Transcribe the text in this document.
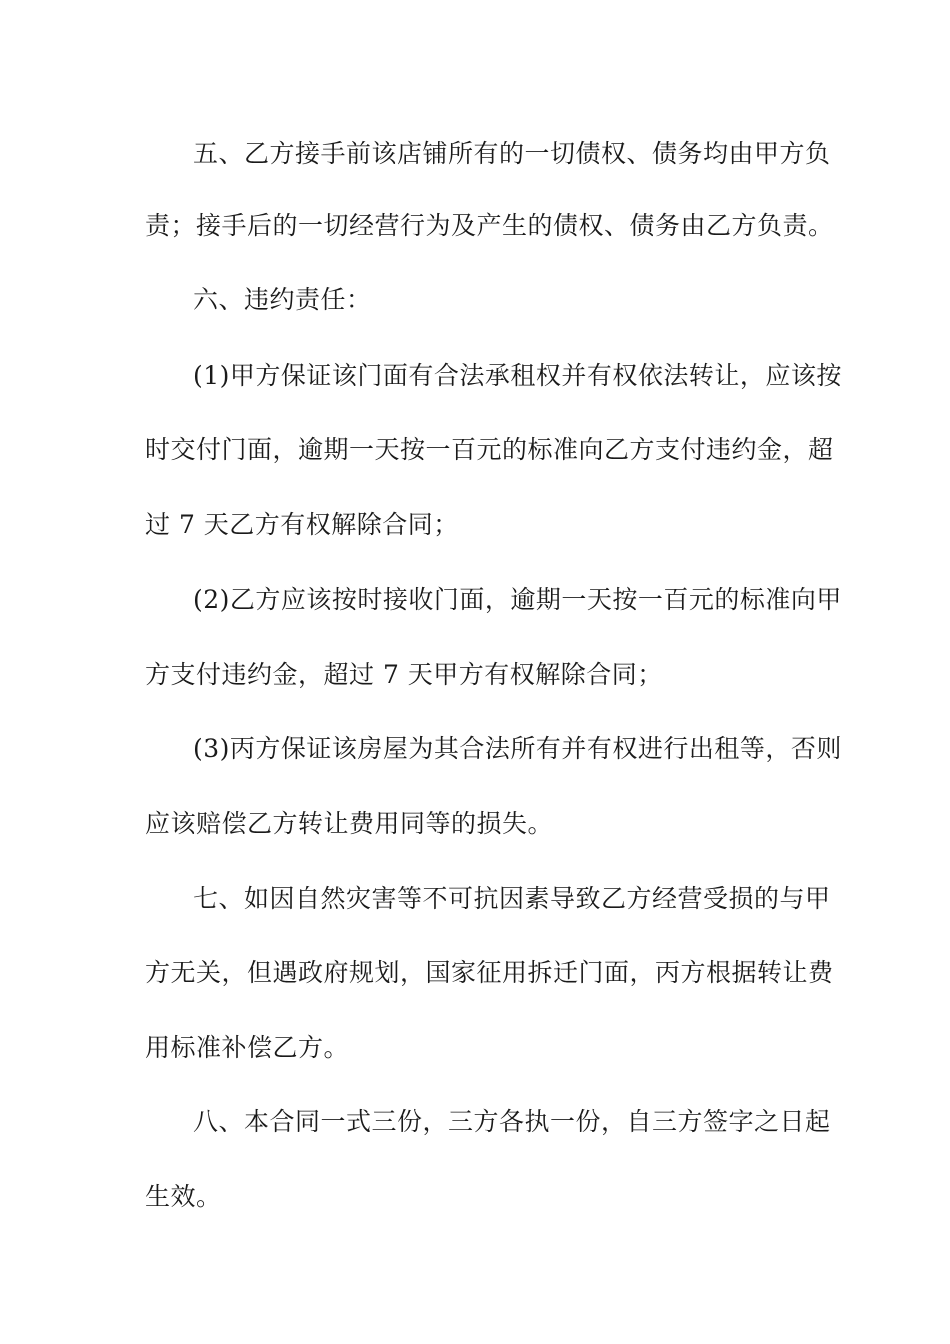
五、乙方接手前该店铺所有的一切债权、债务均由甲方负
责；接手后的一切经营行为及产生的债权、债务由乙方负责。
六、违约责任：
(1)甲方保证该门面有合法承租权并有权依法转让，应该按
时交付门面，逾期一天按一百元的标准向乙方支付违约金，超
过 7 天乙方有权解除合同；
(2)乙方应该按时接收门面，逾期一天按一百元的标准向甲
方支付违约金，超过 7 天甲方有权解除合同；
(3)丙方保证该房屋为其合法所有并有权进行出租等，否则
应该赔偿乙方转让费用同等的损失。
七、如因自然灾害等不可抗因素导致乙方经营受损的与甲
方无关，但遇政府规划，国家征用拆迁门面，丙方根据转让费
用标准补偿乙方。
八、本合同一式三份，三方各执一份，自三方签字之日起
生效。
